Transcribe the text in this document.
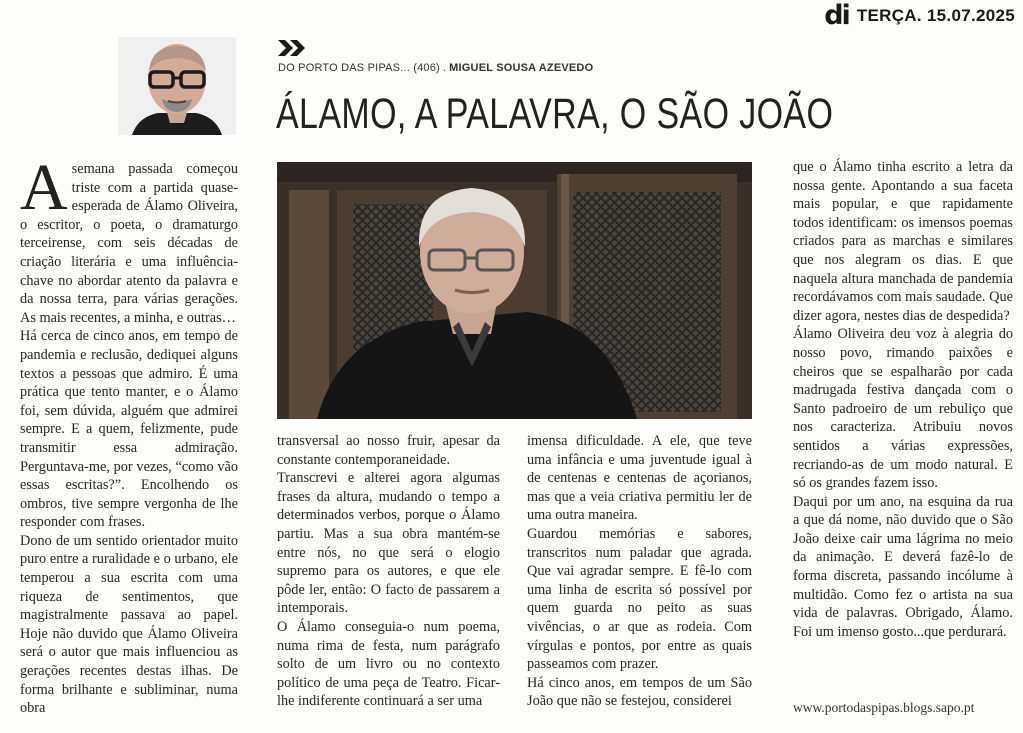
di TERÇA. 15.07.2025
DO PORTO DAS PIPAS... (406) . MIGUEL SOUSA AZEVEDO
ÁLAMO, A PALAVRA, O SÃO JOÃO

Asemana passada começou triste com a partida quase-esperada de Álamo Oliveira, o escritor, o poeta, o dramaturgo terceirense, com seis décadas de criação literária e uma influência-chave no abordar atento da palavra e da nossa terra, para várias gerações. As mais recentes, a minha, e outras…

Há cerca de cinco anos, em tempo de pandemia e reclusão, dediquei alguns textos a pessoas que admiro. É uma prática que tento manter, e o Álamo foi, sem dúvida, alguém que admirei sempre. E a quem, felizmente, pude transmitir essa admiração. Perguntava-me, por vezes, “como vão essas escritas?”. Encolhendo os ombros, tive sempre vergonha de lhe responder com frases.

Dono de um sentido orientador muito puro entre a ruralidade e o urbano, ele temperou a sua escrita com uma riqueza de sentimentos, que magistralmente passava ao papel. Hoje não duvido que Álamo Oliveira será o autor que mais influenciou as gerações recentes destas ilhas. De forma brilhante e subliminar, numa obra

transversal ao nosso fruir, apesar da constante contemporaneidade.

Transcrevi e alterei agora algumas frases da altura, mudando o tempo a determinados verbos, porque o Álamo partiu. Mas a sua obra mantém-se entre nós, no que será o elogio supremo para os autores, e que ele pôde ler, então: O facto de passarem a intemporais.

O Álamo conseguia-o num poema, numa rima de festa, num parágrafo solto de um livro ou no contexto político de uma peça de Teatro. Ficar-lhe indiferente continuará a ser uma

imensa dificuldade. A ele, que teve uma infância e uma juventude igual à de centenas e centenas de açorianos, mas que a veia criativa permitiu ler de uma outra maneira.

Guardou memórias e sabores, transcritos num paladar que agrada. Que vai agradar sempre. E fê-lo com uma linha de escrita só possível por quem guarda no peito as suas vivências, o ar que as rodeia. Com vírgulas e pontos, por entre as quais passeamos com prazer.

Há cinco anos, em tempos de um São João que não se festejou, considerei

que o Álamo tinha escrito a letra da nossa gente. Apontando a sua faceta mais popular, e que rapidamente todos identificam: os imensos poemas criados para as marchas e similares que nos alegram os dias. E que naquela altura manchada de pandemia recordávamos com mais saudade. Que dizer agora, nestes dias de despedida?

Álamo Oliveira deu voz à alegria do nosso povo, rimando paixões e cheiros que se espalharão por cada madrugada festiva dançada com o Santo padroeiro de um rebuliço que nos caracteriza. Atribuiu novos sentidos a várias expressões, recriando-as de um modo natural. E só os grandes fazem isso.

Daqui por um ano, na esquina da rua a que dá nome, não duvido que o São João deixe cair uma lágrima no meio da animação. E deverá fazê-lo de forma discreta, passando incólume à multidão. Como fez o artista na sua vida de palavras. Obrigado, Álamo. Foi um imenso gosto...que perdurará.

www.portodaspipas.blogs.sapo.pt
